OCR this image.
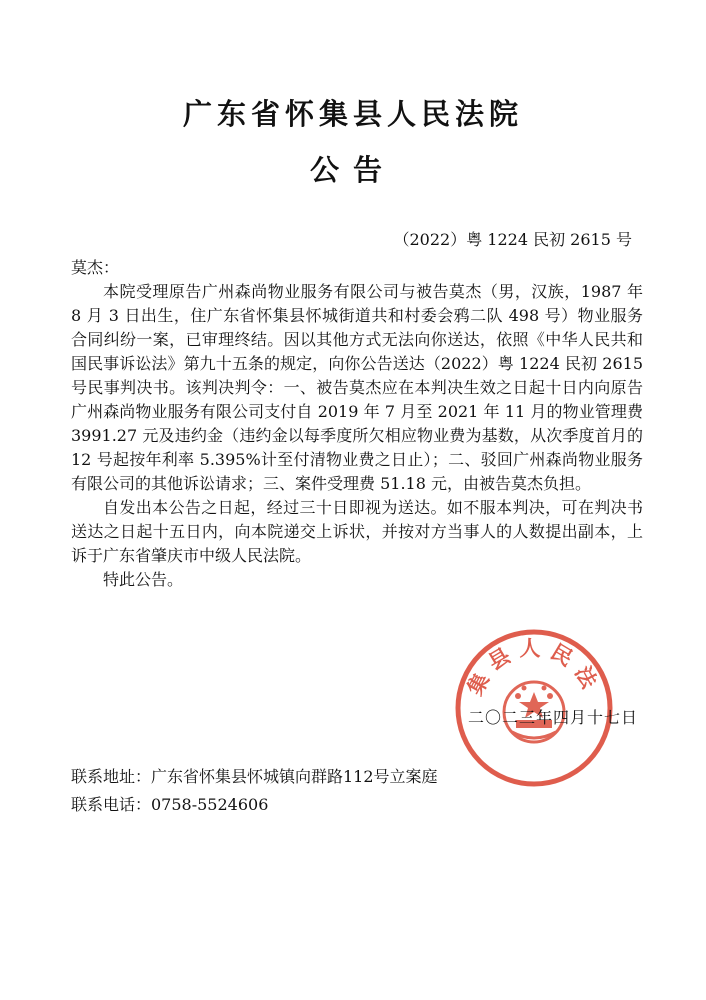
广东省怀集县人民法院
公告
（2022）粤 1224 民初 2615 号

莫杰：

本院受理原告广州森尚物业服务有限公司与被告莫杰（男，汉族，1987 年 8 月 3 日出生，住广东省怀集县怀城街道共和村委会鸦二队 498 号）物业服务合同纠纷一案，已审理终结。因以其他方式无法向你送达，依照《中华人民共和国民事诉讼法》第九十五条的规定，向你公告送达（2022）粤 1224 民初 2615 号民事判决书。该判决判令：一、被告莫杰应在本判决生效之日起十日内向原告广州森尚物业服务有限公司支付自 2019 年 7 月至 2021 年 11 月的物业管理费 3991.27 元及违约金（违约金以每季度所欠相应物业费为基数，从次季度首月的 12 号起按年利率 5.395%计至付清物业费之日止）；二、驳回广州森尚物业服务有限公司的其他诉讼请求；三、案件受理费 51.18 元，由被告莫杰负担。

自发出本公告之日起，经过三十日即视为送达。如不服本判决，可在判决书送达之日起十五日内，向本院递交上诉状，并按对方当事人的人数提出副本，上诉于广东省肇庆市中级人民法院。

特此公告。

集县人民法
二〇二三年四月十七日
联系地址：广东省怀集县怀城镇向群路112号立案庭
联系电话：0758-5524606
